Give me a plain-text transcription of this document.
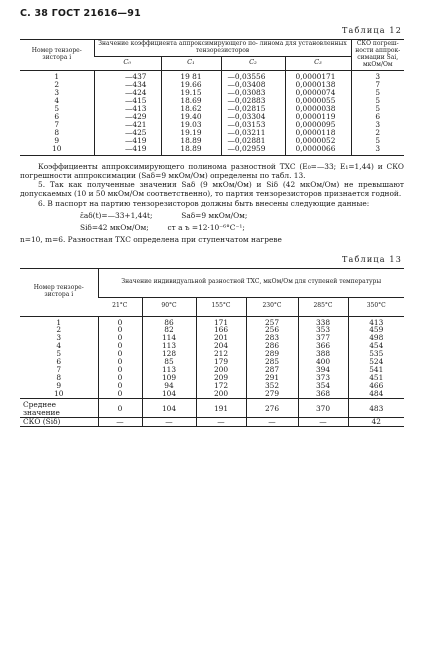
С. 38 ГОСТ 21616—91
Таблица 12
Номер тензоре- зистора i	Значение коэффициента аппроксимирующего по- линома для установленных тензорезисторов				СКО погреш- ности аппрок- симации Sаi, мкОм/Ом
	C₀	C₁	C₂	C₃	
1	—437	19 81	—0,03556	0,0000171	3
2	—434	19.66	—0,03408	0,0000138	7
3	—424	19.15	—0,03083	0,0000074	5
4	—415	18.69	—0,02883	0,0000055	5
5	—413	18.62	—0,02815	0,0000038	5
6	—429	19.40	—0,03304	0,0000119	6
7	—421	19.03	—0,03153	0,0000095	3
8	—425	19.19	—0,03211	0,0000118	2
9	—419	18.89	—0,02881	0,0000052	5
10	—419	18.89	—0,02959	0,0000066	3

Коэффициенты аппроксимирующего полинома разностной ТХС (E₀=—33; E₁=1,44) и СКО погрешности аппроксимации (Sаδ=9 мкОм/Ом) определены по табл. 13.

5. Так как полученные значения Sаδ (9 мкОм/Ом) и Siδ (42 мкОм/Ом) не превышают допускаемых (10 и 50 мкОм/Ом соответственно), то партия тензорезисторов признается годной.

6. В паспорт на партию тензорезисторов должны быть внесены следующие данные:

ε̄аδ(t)=—33+1,44t;	Sаδ=9 мкОм/Ом;
Siδ=42 мкОм/Ом;	ст а ъ =12·10⁻⁶°C⁻¹;

n=10, m=6. Разностная ТХС определена при ступенчатом нагреве

Таблица 13
Номер тензоре- зистора i	Значение индивидуальной разностной ТХС, мкОм/Ом для ступеней температуры					
	21°C	90°C	155°C	230°C	285°C	350°C
1	0	86	171	257	338	413
2	0	82	166	256	353	459
3	0	114	201	283	377	498
4	0	113	204	286	366	454
5	0	128	212	289	388	535
6	0	85	179	285	400	524
7	0	113	200	287	394	541
8	0	109	209	291	373	451
9	0	94	172	352	354	466
10	0	104	200	279	368	484
Среднее значение	0	104	191	276	370	483
СКО (Siδ)	—	—	—	—	—	42
